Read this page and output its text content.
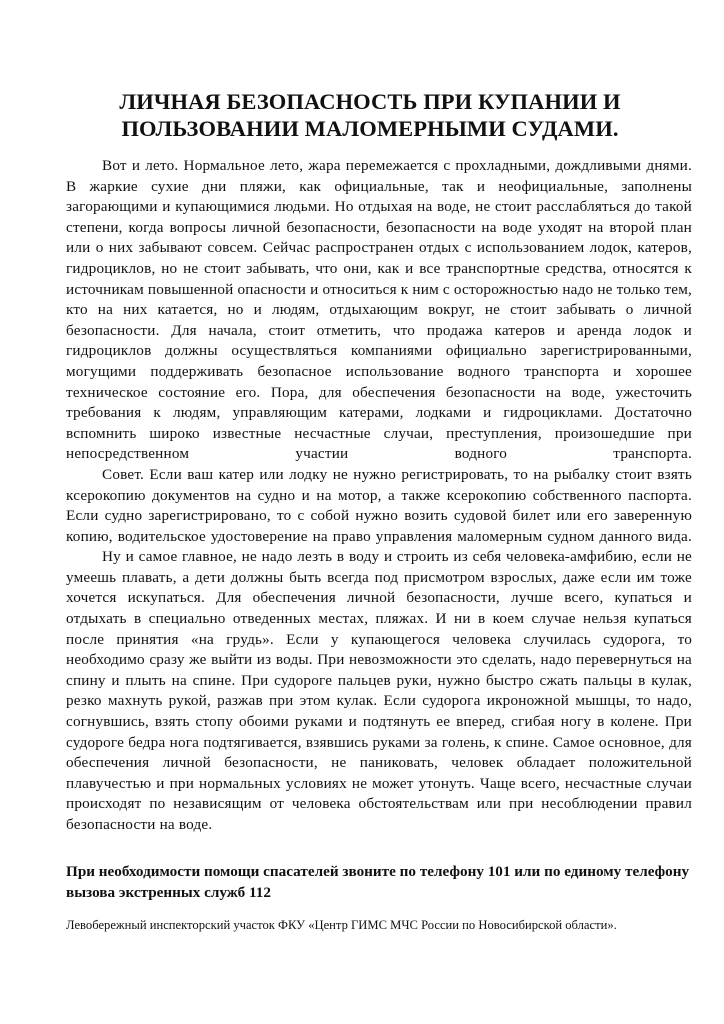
ЛИЧНАЯ БЕЗОПАСНОСТЬ ПРИ КУПАНИИ И
ПОЛЬЗОВАНИИ МАЛОМЕРНЫМИ СУДАМИ.

Вот и лето. Нормальное лето, жара перемежается с прохладными, дождливыми днями. В жаркие сухие дни пляжи, как официальные, так и неофициальные, заполнены загорающими и купающимися людьми. Но отдыхая на воде, не стоит расслабляться до такой степени, когда вопросы личной безопасности, безопасности на воде уходят на второй план или о них забывают совсем. Сейчас распространен отдых с использованием лодок, катеров, гидроциклов, но не стоит забывать, что они, как и все транспортные средства, относятся к источникам повышенной опасности и относиться к ним с осторожностью надо не только тем, кто на них катается, но и людям, отдыхающим вокруг, не стоит забывать о личной безопасности. Для начала, стоит отметить, что продажа катеров и аренда лодок и гидроциклов должны осуществляться компаниями официально зарегистрированными, могущими поддерживать безопасное использование водного транспорта и хорошее техническое состояние его. Пора, для обеспечения безопасности на воде, ужесточить требования к людям, управляющим катерами, лодками и гидроциклами. Достаточно вспомнить широко известные несчастные случаи, преступления, произошедшие при непосредственном участии водного транспорта.

Совет. Если ваш катер или лодку не нужно регистрировать, то на рыбалку стоит взять ксерокопию документов на судно и на мотор, а также ксерокопию собственного паспорта. Если судно зарегистрировано, то с собой нужно возить судовой билет или его заверенную копию, водительское удостоверение на право управления маломерным судном данного вида.

Ну и самое главное, не надо лезть в воду и строить из себя человека-амфибию, если не умеешь плавать, а дети должны быть всегда под присмотром взрослых, даже если им тоже хочется искупаться. Для обеспечения личной безопасности, лучше всего, купаться и отдыхать в специально отведенных местах, пляжах. И ни в коем случае нельзя купаться после принятия «на грудь». Если у купающегося человека случилась судорога, то необходимо сразу же выйти из воды. При невозможности это сделать, надо перевернуться на спину и плыть на спине. При судороге пальцев руки, нужно быстро сжать пальцы в кулак, резко махнуть рукой, разжав при этом кулак. Если судорога икроножной мышцы, то надо, согнувшись, взять стопу обоими руками и подтянуть ее вперед, сгибая ногу в колене. При судороге бедра нога подтягивается, взявшись руками за голень, к спине. Самое основное, для обеспечения личной безопасности, не паниковать, человек обладает положительной плавучестью и при нормальных условиях не может утонуть. Чаще всего, несчастные случаи происходят по независящим от человека обстоятельствам или при несоблюдении правил безопасности на воде.

При необходимости помощи спасателей звоните по телефону 101 или по единому телефону вызова экстренных служб 112
Левобережный инспекторский участок ФКУ «Центр ГИМС МЧС России по Новосибирской области».
